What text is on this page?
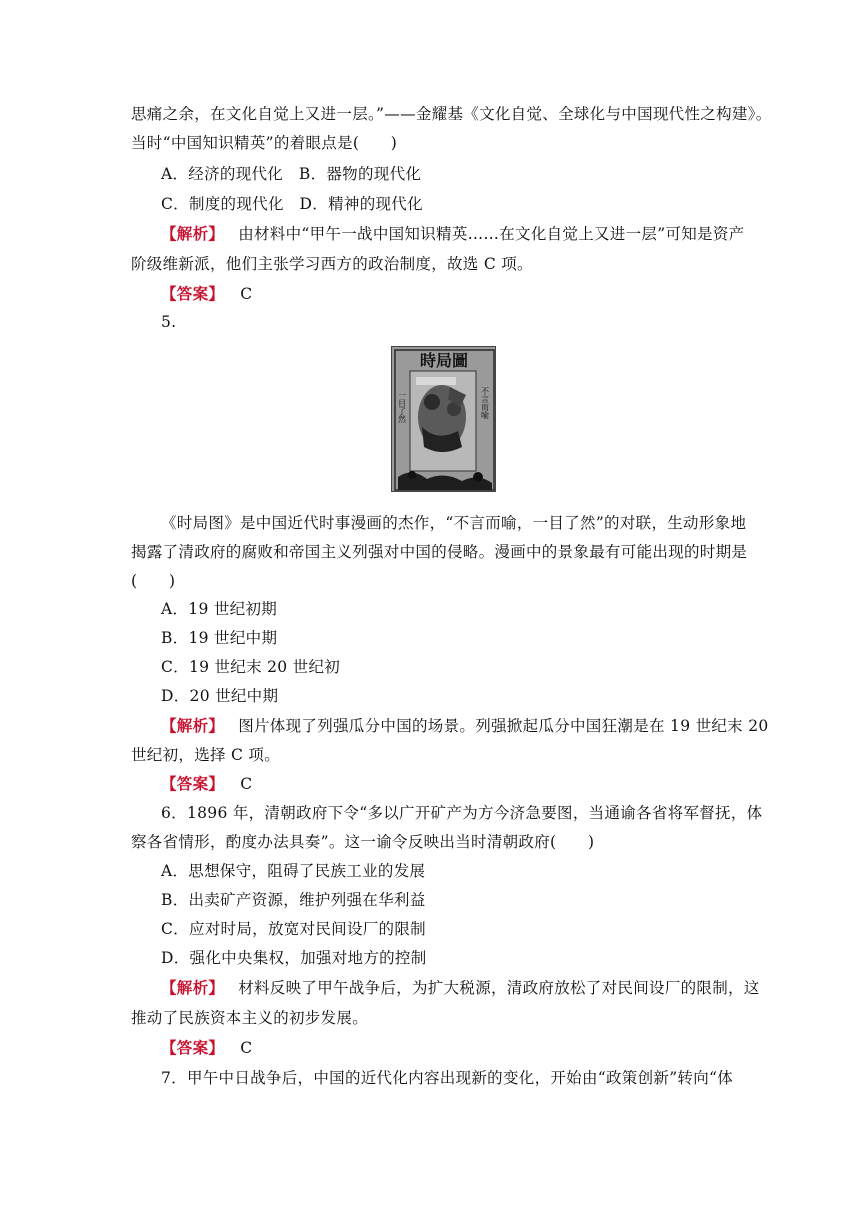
思痛之余，在文化自觉上又进一层。”——金耀基《文化自觉、全球化与中国现代性之构建》。
当时“中国知识精英”的着眼点是(　　)
A．经济的现代化　B．器物的现代化
C．制度的现代化　D．精神的现代化
【解析】 由材料中“甲午一战中国知识精英……在文化自觉上又进一层”可知是资产
阶级维新派，他们主张学习西方的政治制度，故选 C 项。
【答案】 C
5.
時局圖
一目了然	不言而喻
《时局图》是中国近代时事漫画的杰作，“不言而喻，一目了然”的对联，生动形象地
揭露了清政府的腐败和帝国主义列强对中国的侵略。漫画中的景象最有可能出现的时期是
(　　)
A．19 世纪初期
B．19 世纪中期
C．19 世纪末 20 世纪初
D．20 世纪中期
【解析】 图片体现了列强瓜分中国的场景。列强掀起瓜分中国狂潮是在 19 世纪末 20
世纪初，选择 C 项。
【答案】 C
6．1896 年，清朝政府下令“多以广开矿产为方今济急要图，当通谕各省将军督抚，体
察各省情形，酌度办法具奏”。这一谕令反映出当时清朝政府(　　)
A．思想保守，阻碍了民族工业的发展
B．出卖矿产资源，维护列强在华利益
C．应对时局，放宽对民间设厂的限制
D．强化中央集权，加强对地方的控制
【解析】 材料反映了甲午战争后，为扩大税源，清政府放松了对民间设厂的限制，这
推动了民族资本主义的初步发展。
【答案】 C
7．甲午中日战争后，中国的近代化内容出现新的变化，开始由“政策创新”转向“体
